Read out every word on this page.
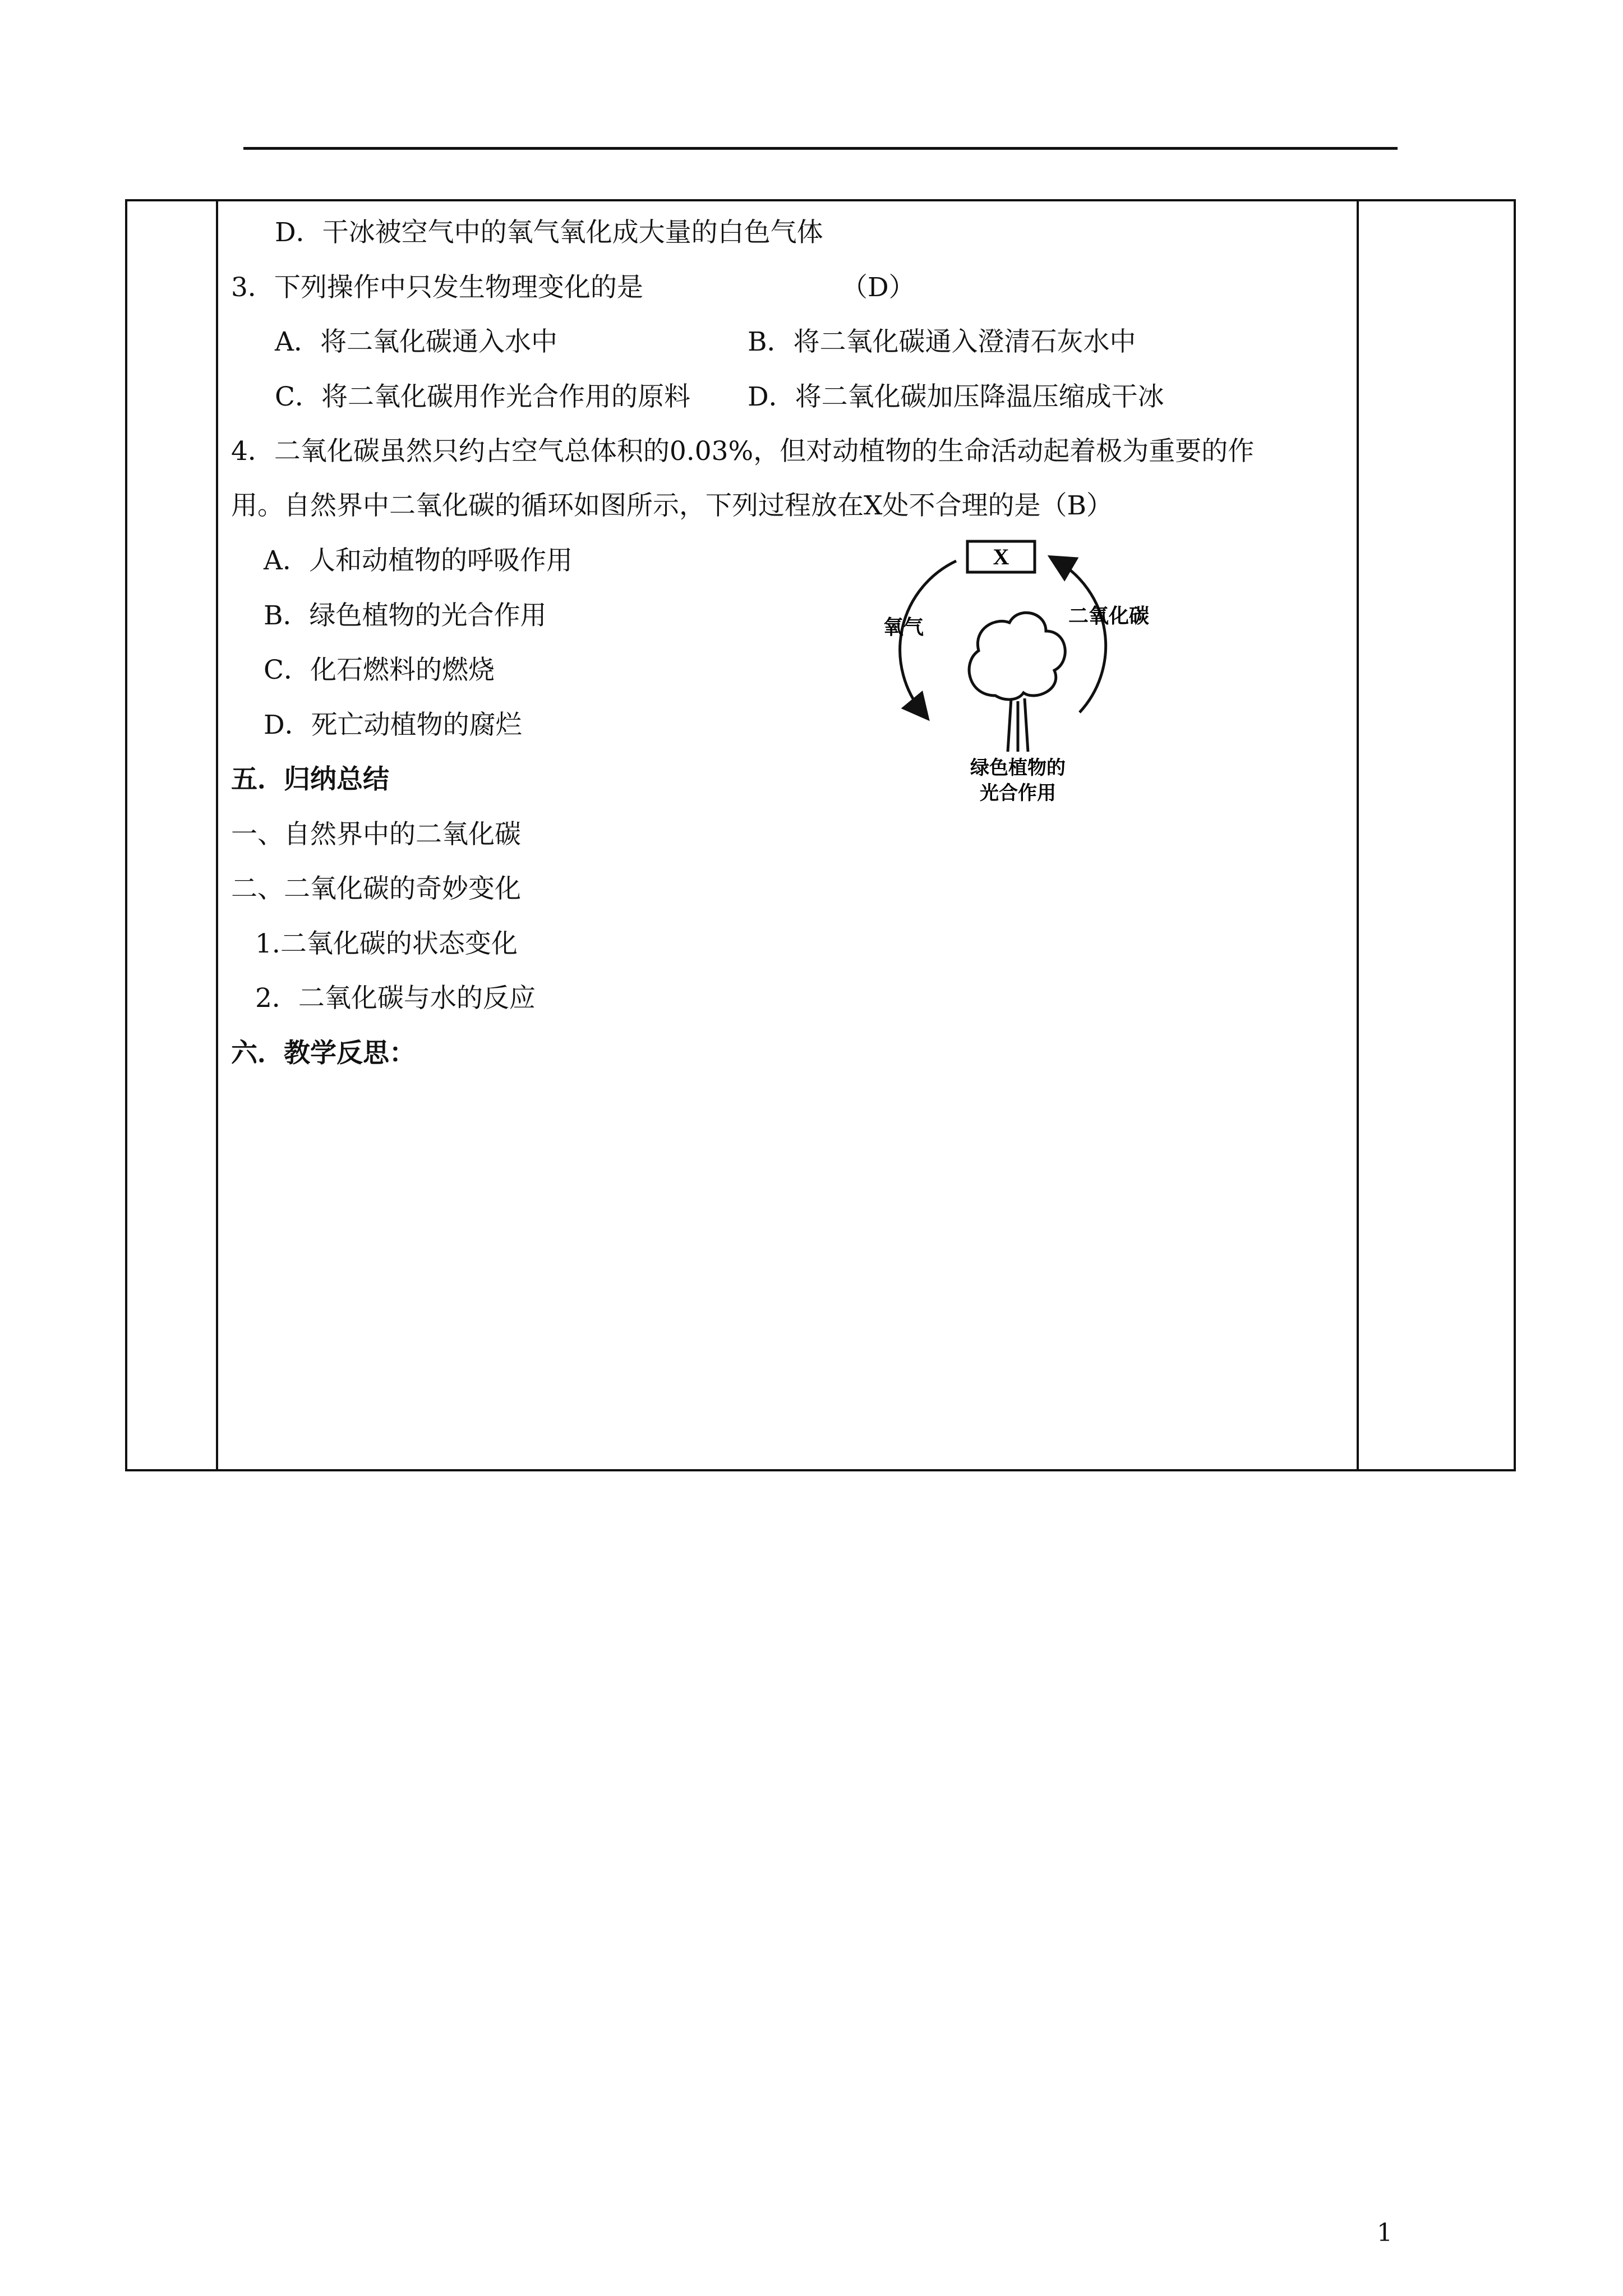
D．干冰被空气中的氧气氧化成大量的白色气体
3．下列操作中只发生物理变化的是	（D）
A．将二氧化碳通入水中	B．将二氧化碳通入澄清石灰水中
C．将二氧化碳用作光合作用的原料 D．将二氧化碳加压降温压缩成干冰
4．二氧化碳虽然只约占空气总体积的0.03%，但对动植物的生命活动起着极为重要的作
用。自然界中二氧化碳的循环如图所示，下列过程放在X处不合理的是（B）
A．人和动植物的呼吸作用
B．绿色植物的光合作用
C．化石燃料的燃烧
D．死亡动植物的腐烂
X
氧气	二氧化碳
绿色植物的
光合作用
五．归纳总结
一、自然界中的二氧化碳
二、二氧化碳的奇妙变化
1.二氧化碳的状态变化
2．二氧化碳与水的反应
六．教学反思：
1
